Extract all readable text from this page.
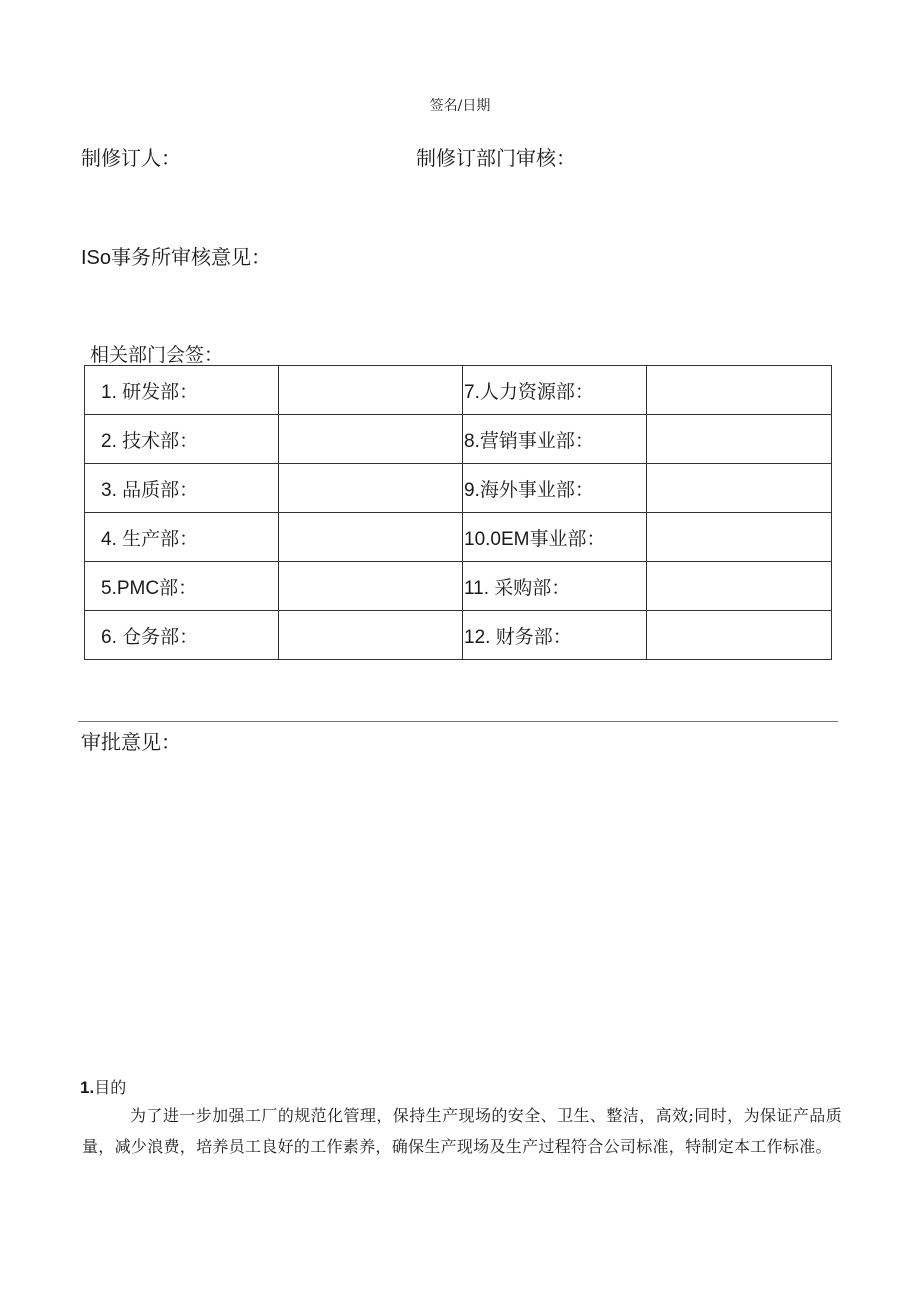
签名/日期
制修订人：	制修订部门审核：
ISo事务所审核意见：
相关部门会签：
1. 研发部：		7.人力资源部：	
2. 技术部：		8.营销事业部：	
3. 品质部：		9.海外事业部：	
4. 生产部：		10.0EM事业部：	
5.PMC部：		11. 采购部：	
6. 仓务部：		12. 财务部：	
审批意见：
1.目的
为了进一步加强工厂的规范化管理，保持生产现场的安全、卫生、整洁，高效;同时，为保证产品质量，减少浪费，培养员工良好的工作素养，确保生产现场及生产过程符合公司标准，特制定本工作标准。
